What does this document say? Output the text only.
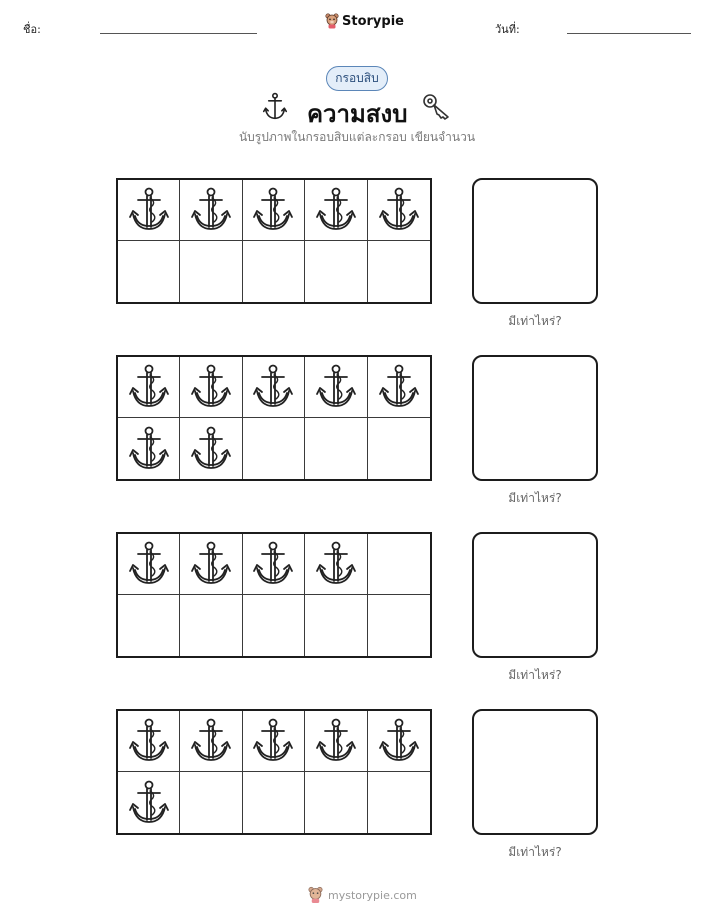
ชื่อ:
Storypie
วันที่:
กรอบสิบ
ความสงบ
นับรูปภาพในกรอบสิบแต่ละกรอบ เขียนจำนวน
มีเท่าไหร่?
มีเท่าไหร่?
มีเท่าไหร่?
มีเท่าไหร่?
mystorypie.com
